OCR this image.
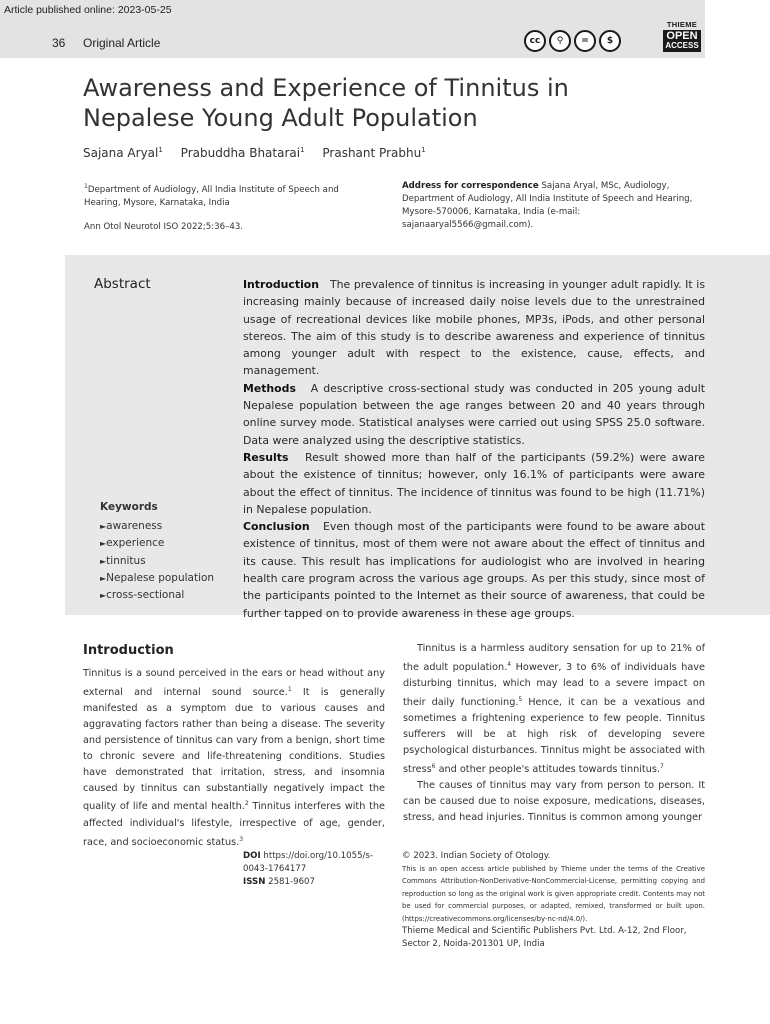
Article published online: 2023-05-25
36 Original Article	cc	⚲	=	$
THIEME
OPEN
ACCESS
Awareness and Experience of Tinnitus in Nepalese Young Adult Population
Sajana Aryal$^1$ Prabuddha Bhatarai$^1$ Prashant Prabhu$^1$
$^1$Department of Audiology, All India Institute of Speech and Hearing, Mysore, Karnataka, India
Ann Otol Neurotol ISO 2022;5:36–43.
Address for correspondence Sajana Aryal, MSc, Audiology, Department of Audiology, All India Institute of Speech and Hearing, Mysore-570006, Karnataka, India (e-mail: sajanaaryal5566@gmail.com).
Abstract	Introduction The prevalence of tinnitus is increasing in younger adult rapidly. It is increasing mainly because of increased daily noise levels due to the unrestrained usage of recreational devices like mobile phones, MP3s, iPods, and other personal stereos. The aim of this study is to describe awareness and experience of tinnitus among younger adult with respect to the existence, cause, effects, and management.

Methods A descriptive cross-sectional study was conducted in 205 young adult Nepalese population between the age ranges between 20 and 40 years through online survey mode. Statistical analyses were carried out using SPSS 25.0 software. Data were analyzed using the descriptive statistics.

Results Result showed more than half of the participants (59.2%) were aware about the existence of tinnitus; however, only 16.1% of participants were aware about the effect of tinnitus. The incidence of tinnitus was found to be high (11.71%) in Nepalese population.

Conclusion Even though most of the participants were found to be aware about existence of tinnitus, most of them were not aware about the effect of tinnitus and its cause. This result has implications for audiologist who are involved in hearing health care program across the various age groups. As per this study, since most of the participants pointed to the Internet as their source of awareness, that could be further tapped on to provide awareness in these age groups.

Keywords
► awareness
► experience
► tinnitus
► Nepalese population
► cross-sectional
Introduction

Tinnitus is a sound perceived in the ears or head without any external and internal sound source.$^1$ It is generally manifested as a symptom due to various causes and aggravating factors rather than being a disease. The severity and persistence of tinnitus can vary from a benign, short time to chronic severe and life-threatening conditions. Studies have demonstrated that irritation, stress, and insomnia caused by tinnitus can substantially negatively impact the quality of life and mental health.$^2$ Tinnitus interferes with the affected individual's lifestyle, irrespective of age, gender, race, and socioeconomic status.$^3$

Tinnitus is a harmless auditory sensation for up to 21% of the adult population.$^4$ However, 3 to 6% of individuals have disturbing tinnitus, which may lead to a severe impact on their daily functioning.$^5$ Hence, it can be a vexatious and sometimes a frightening experience to few people. Tinnitus sufferers will be at high risk of developing severe psychological disturbances. Tinnitus might be associated with stress$^6$ and other people's attitudes towards tinnitus.$^7$

The causes of tinnitus may vary from person to person. It can be caused due to noise exposure, medications, diseases, stress, and head injuries. Tinnitus is common among younger

DOI https://doi.org/10.1055/s-0043-1764177
ISSN 2581-9607
© 2023. Indian Society of Otology.
This is an open access article published by Thieme under the terms of the Creative Commons Attribution-NonDerivative-NonCommercial-License, permitting copying and reproduction so long as the original work is given appropriate credit. Contents may not be used for commercial purposes, or adapted, remixed, transformed or built upon. (https://creativecommons.org/licenses/by-nc-nd/4.0/).
Thieme Medical and Scientific Publishers Pvt. Ltd. A-12, 2nd Floor, Sector 2, Noida-201301 UP, India
